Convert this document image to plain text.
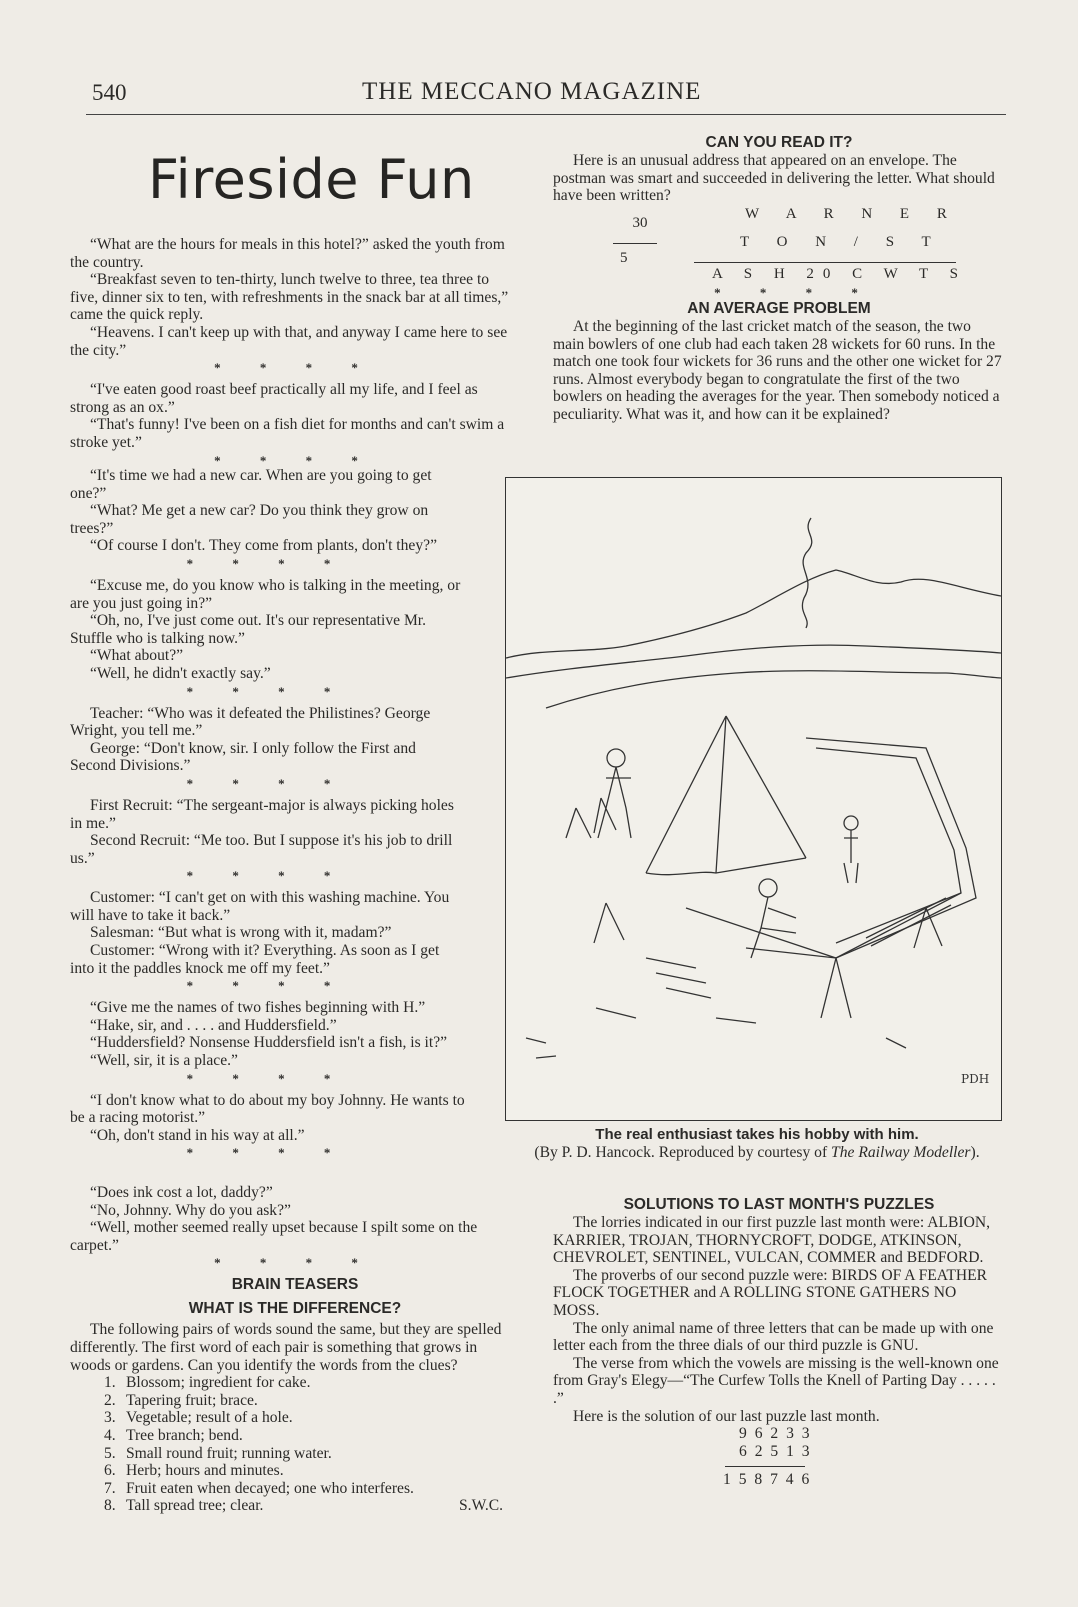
540	THE MECCANO MAGAZINE
Fireside Fun

“What are the hours for meals in this hotel?” asked the youth from the country.

“Breakfast seven to ten-thirty, lunch twelve to three, tea three to five, dinner six to ten, with refreshments in the snack bar at all times,” came the quick reply.

“Heavens. I can't keep up with that, and anyway I came here to see the city.”

* * * *

“I've eaten good roast beef practically all my life, and I feel as strong as an ox.”

“That's funny! I've been on a fish diet for months and can't swim a stroke yet.”

* * * *

“It's time we had a new car. When are you going to get one?”

“What? Me get a new car? Do you think they grow on trees?”

“Of course I don't. They come from plants, don't they?”

* * * *

“Excuse me, do you know who is talking in the meeting, or are you just going in?”

“Oh, no, I've just come out. It's our representative Mr. Stuffle who is talking now.”

“What about?”

“Well, he didn't exactly say.”

* * * *

Teacher: “Who was it defeated the Philistines? George Wright, you tell me.”

George: “Don't know, sir. I only follow the First and Second Divisions.”

* * * *

First Recruit: “The sergeant-major is always picking holes in me.”

Second Recruit: “Me too. But I suppose it's his job to drill us.”

* * * *

Customer: “I can't get on with this washing machine. You will have to take it back.”

Salesman: “But what is wrong with it, madam?”

Customer: “Wrong with it? Everything. As soon as I get into it the paddles knock me off my feet.”

* * * *

“Give me the names of two fishes beginning with H.”

“Hake, sir, and . . . . and Huddersfield.”

“Huddersfield? Nonsense Huddersfield isn't a fish, is it?”

“Well, sir, it is a place.”

* * * *

“I don't know what to do about my boy Johnny. He wants to be a racing motorist.”

“Oh, don't stand in his way at all.”

* * * *

“Does ink cost a lot, daddy?”

“No, Johnny. Why do you ask?”

“Well, mother seemed really upset because I spilt some on the carpet.”

* * * *
BRAIN TEASERS
WHAT IS THE DIFFERENCE?

The following pairs of words sound the same, but they are spelled differently. The first word of each pair is something that grows in woods or gardens. Can you identify the words from the clues?

1. Blossom; ingredient for cake.
2. Tapering fruit; brace.
3. Vegetable; result of a hole.
4. Tree branch; bend.
5. Small round fruit; running water.
6. Herb; hours and minutes.
7. Fruit eaten when decayed; one who interferes.
8. Tall spread tree; clear.	S.W.C.
CAN YOU READ IT?

Here is an unusual address that appeared on an envelope. The postman was smart and succeeded in delivering the letter. What should have been written?

W A R N E R
30
5
T O N / S T
A S H 20 C W T S
* * * *
AN AVERAGE PROBLEM

At the beginning of the last cricket match of the season, the two main bowlers of one club had each taken 28 wickets for 60 runs. In the match one took four wickets for 36 runs and the other one wicket for 27 runs. Almost everybody began to congratulate the first of the two bowlers on heading the averages for the year. Then somebody noticed a peculiarity. What was it, and how can it be explained?

PDH
The real enthusiast takes his hobby with him.
(By P. D. Hancock. Reproduced by courtesy of The Railway Modeller).
SOLUTIONS TO LAST MONTH'S PUZZLES

The lorries indicated in our first puzzle last month were: ALBION, KARRIER, TROJAN, THORNYCROFT, DODGE, ATKINSON, CHEVROLET, SENTINEL, VULCAN, COMMER and BEDFORD.

The proverbs of our second puzzle were: BIRDS OF A FEATHER FLOCK TOGETHER and A ROLLING STONE GATHERS NO MOSS.

The only animal name of three letters that can be made up with one letter each from the three dials of our third puzzle is GNU.

The verse from which the vowels are missing is the well-known one from Gray's Elegy—“The Curfew Tolls the Knell of Parting Day . . . . . .”

Here is the solution of our last puzzle last month.

9 6 2 3 3
6 2 5 1 3
1 5 8 7 4 6
